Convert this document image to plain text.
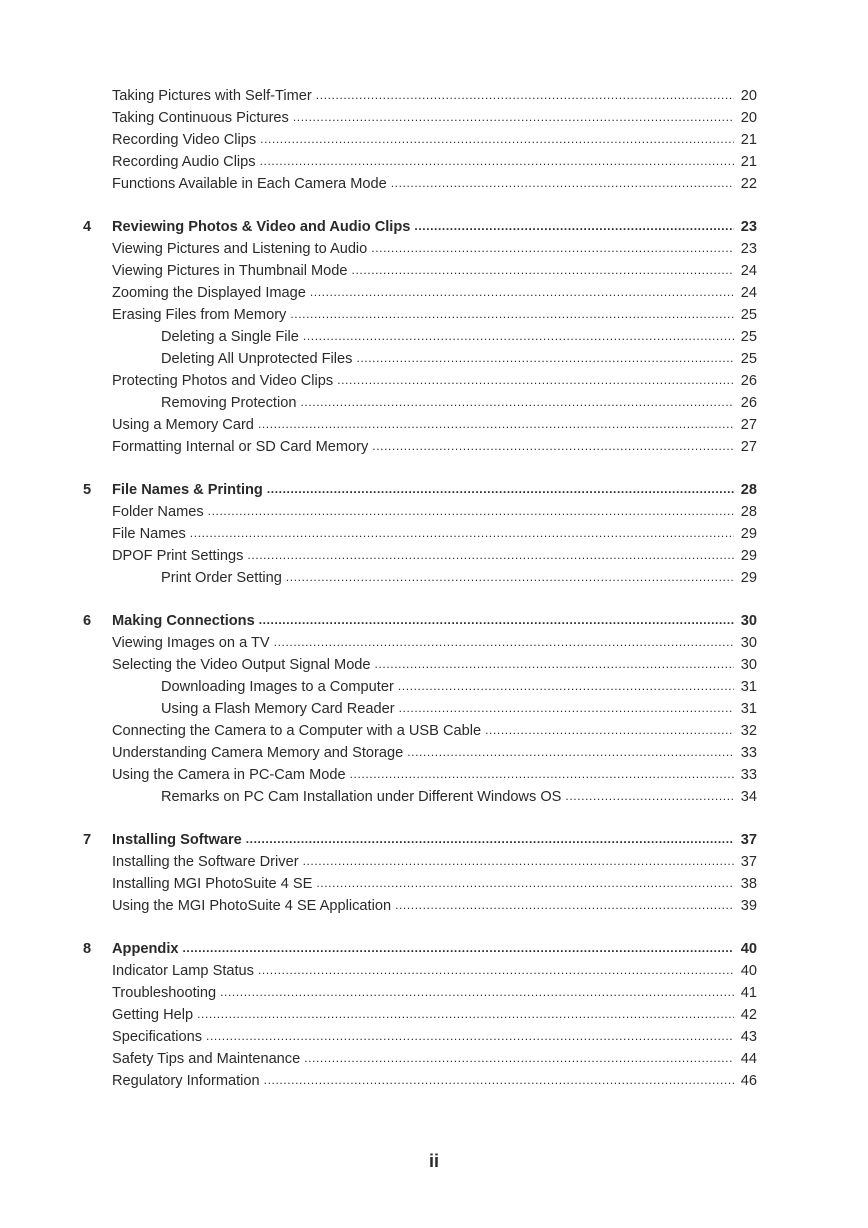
Taking Pictures with Self-Timer .....	20
Taking Continuous Pictures .....	20
Recording Video Clips .....	21
Recording Audio Clips .....	21
Functions Available in Each Camera Mode .....	22
4	Reviewing Photos & Video and Audio Clips .....	23
Viewing Pictures and Listening to Audio .....	23
Viewing Pictures in Thumbnail Mode .....	24
Zooming the Displayed Image .....	24
Erasing Files from Memory .....	25
Deleting a Single File .....	25
Deleting All Unprotected Files .....	25
Protecting Photos and Video Clips .....	26
Removing Protection .....	26
Using a Memory Card .....	27
Formatting Internal or SD Card Memory .....	27
5	File Names & Printing .....	28
Folder Names .....	28
File Names .....	29
DPOF Print Settings .....	29
Print Order Setting .....	29
6	Making Connections .....	30
Viewing Images on a TV .....	30
Selecting the Video Output Signal Mode .....	30
Downloading Images to a Computer .....	31
Using a Flash Memory Card Reader .....	31
Connecting the Camera to a Computer with a USB Cable .....	32
Understanding Camera Memory and Storage .....	33
Using the Camera in PC-Cam Mode .....	33
Remarks on PC Cam Installation under Different Windows OS .....	34
7	Installing Software .....	37
Installing the Software Driver .....	37
Installing MGI PhotoSuite 4 SE .....	38
Using the MGI PhotoSuite 4 SE Application .....	39
8	Appendix .....	40
Indicator Lamp Status .....	40
Troubleshooting .....	41
Getting Help .....	42
Specifications .....	43
Safety Tips and Maintenance .....	44
Regulatory Information .....	46
ii
